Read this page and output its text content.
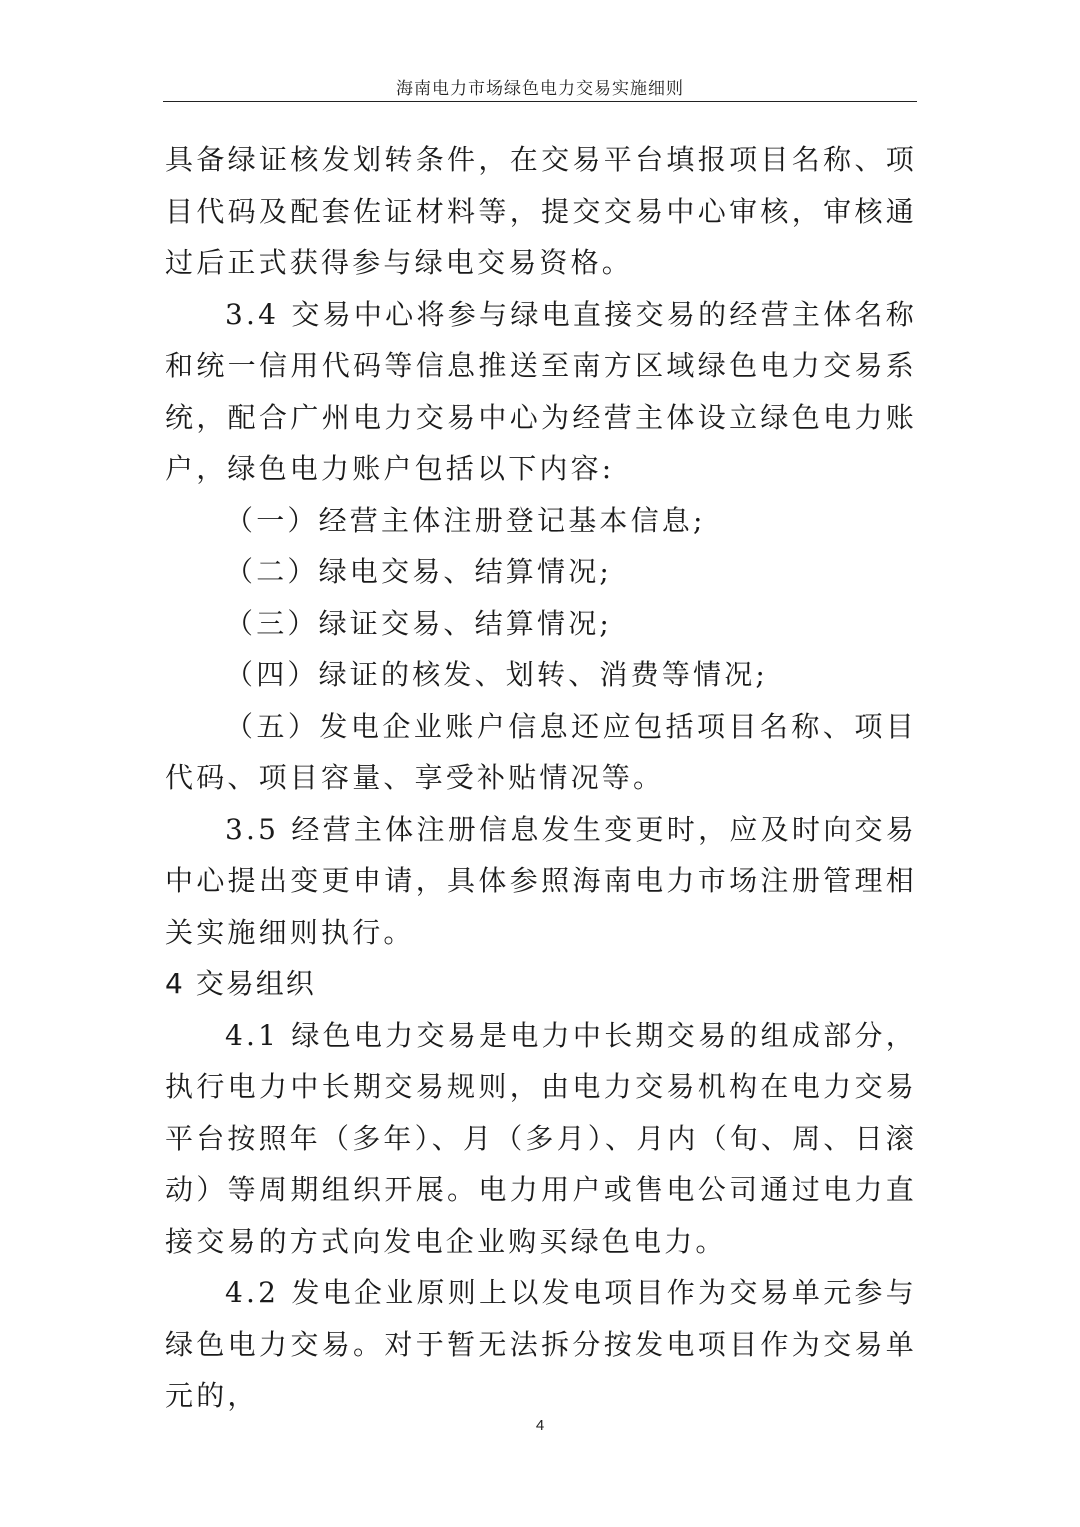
海南电力市场绿色电力交易实施细则

具备绿证核发划转条件，在交易平台填报项目名称、项目代码及配套佐证材料等，提交交易中心审核，审核通过后正式获得参与绿电交易资格。

3.4 交易中心将参与绿电直接交易的经营主体名称和统一信用代码等信息推送至南方区域绿色电力交易系统，配合广州电力交易中心为经营主体设立绿色电力账户，绿色电力账户包括以下内容:

（一）经营主体注册登记基本信息;

（二）绿电交易、结算情况;

（三）绿证交易、结算情况;

（四）绿证的核发、划转、消费等情况;

（五）发电企业账户信息还应包括项目名称、项目代码、项目容量、享受补贴情况等。

3.5 经营主体注册信息发生变更时，应及时向交易中心提出变更申请，具体参照海南电力市场注册管理相关实施细则执行。

4 交易组织

4.1 绿色电力交易是电力中长期交易的组成部分，执行电力中长期交易规则，由电力交易机构在电力交易平台按照年（多年）、月（多月）、月内（旬、周、日滚动）等周期组织开展。电力用户或售电公司通过电力直接交易的方式向发电企业购买绿色电力。

4.2 发电企业原则上以发电项目作为交易单元参与绿色电力交易。对于暂无法拆分按发电项目作为交易单元的，

4
